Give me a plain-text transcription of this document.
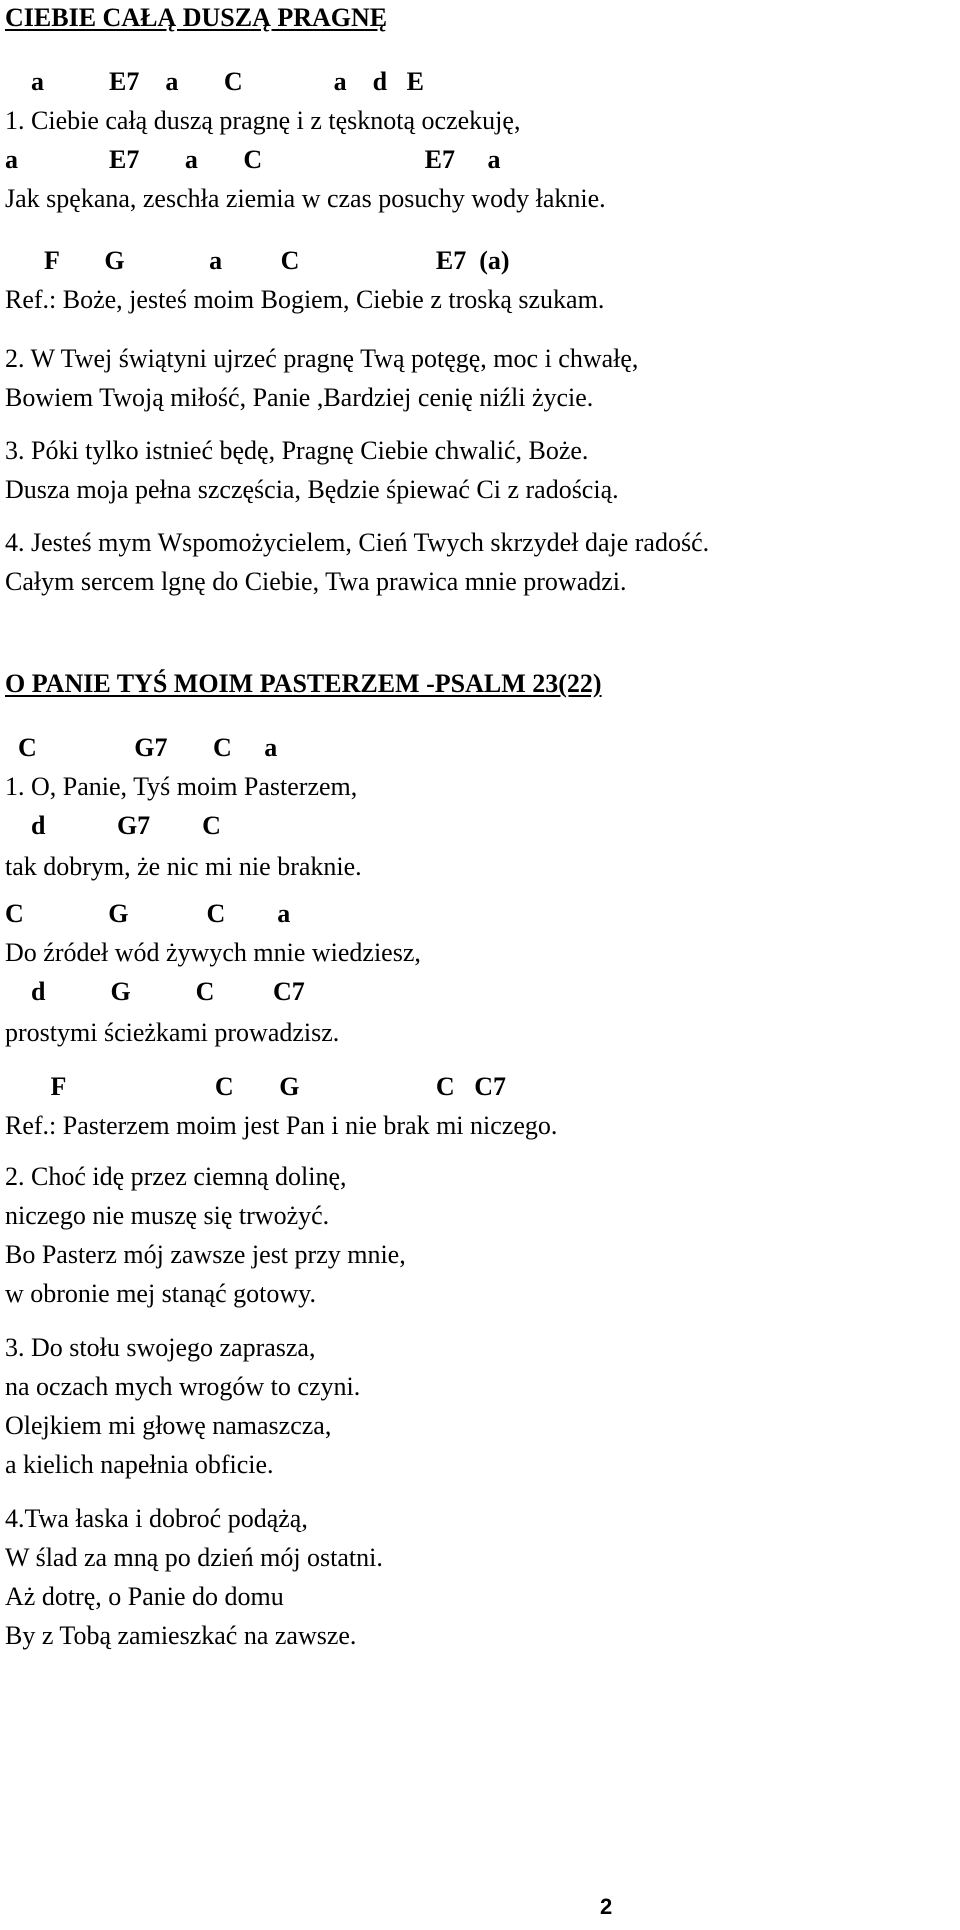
CIEBIE CAŁĄ DUSZĄ PRAGNĘ
a          E7    a       C              a    d   E
1. Ciebie całą duszą pragnę i z tęsknotą oczekuję,
a              E7       a       C                         E7     a
Jak spękana, zeschła ziemia w czas posuchy wody łaknie.
F       G             a         C                     E7  (a)
Ref.: Boże, jesteś moim Bogiem, Ciebie z troską szukam.
2. W Twej świątyni ujrzeć pragnę Twą potęgę, moc i chwałę,
Bowiem Twoją miłość, Panie ,Bardziej cenię niźli życie.
3. Póki tylko istnieć będę, Pragnę Ciebie chwalić, Boże.
Dusza moja pełna szczęścia, Będzie śpiewać Ci z radością.
4. Jesteś mym Wspomożycielem, Cień Twych skrzydeł daje radość.
Całym sercem lgnę do Ciebie, Twa prawica mnie prowadzi.
O PANIE TYŚ MOIM PASTERZEM -PSALM 23(22)
C               G7       C     a
1. O, Panie, Tyś moim Pasterzem,
d           G7        C
tak dobrym, że nic mi nie braknie.
C             G            C        a
Do źródeł wód żywych mnie wiedziesz,
d          G          C         C7
prostymi ścieżkami prowadzisz.
F                       C       G                     C   C7
Ref.: Pasterzem moim jest Pan i nie brak mi niczego.
2. Choć idę przez ciemną dolinę,
niczego nie muszę się trwożyć.
Bo Pasterz mój zawsze jest przy mnie,
w obronie mej stanąć gotowy.
3. Do stołu swojego zaprasza,
na oczach mych wrogów to czyni.
Olejkiem mi głowę namaszcza,
a kielich napełnia obficie.
4.Twa łaska i dobroć podążą,
W ślad za mną po dzień mój ostatni.
Aż dotrę, o Panie do domu
By z Tobą zamieszkać na zawsze.
2
